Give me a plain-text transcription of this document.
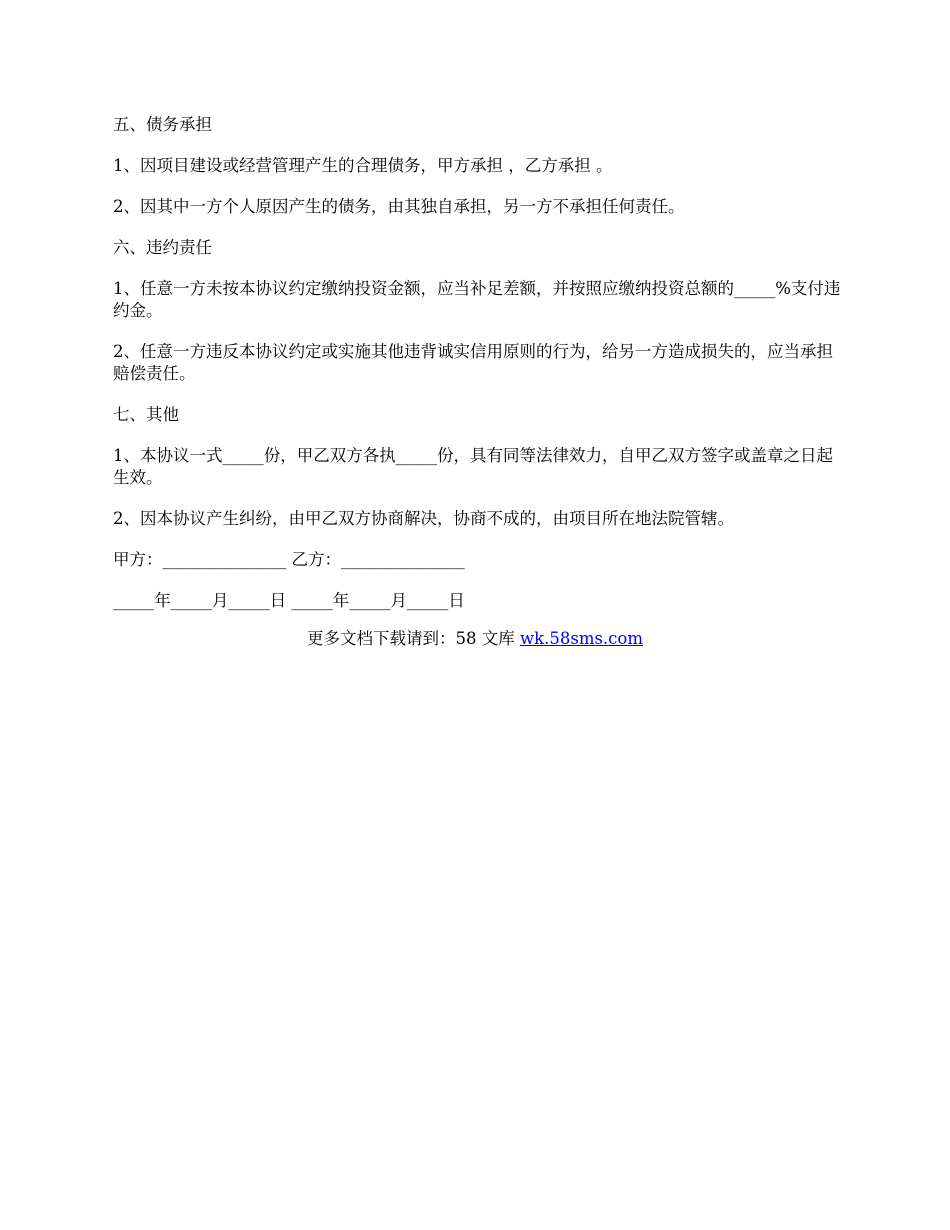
五、债务承担

1、因项目建设或经营管理产生的合理债务，甲方承担 ，乙方承担 。

2、因其中一方个人原因产生的债务，由其独自承担，另一方不承担任何责任。

六、违约责任

1、任意一方未按本协议约定缴纳投资金额，应当补足差额，并按照应缴纳投资总额的_____%支付违约金。

2、任意一方违反本协议约定或实施其他违背诚实信用原则的行为，给另一方造成损失的，应当承担赔偿责任。

七、其他

1、本协议一式_____份，甲乙双方各执_____份，具有同等法律效力，自甲乙双方签字或盖章之日起生效。

2、因本协议产生纠纷，由甲乙双方协商解决，协商不成的，由项目所在地法院管辖。

甲方：_______________ 乙方：_______________

_____年_____月_____日 _____年_____月_____日

更多文档下载请到：58 文库 wk.58sms.com
